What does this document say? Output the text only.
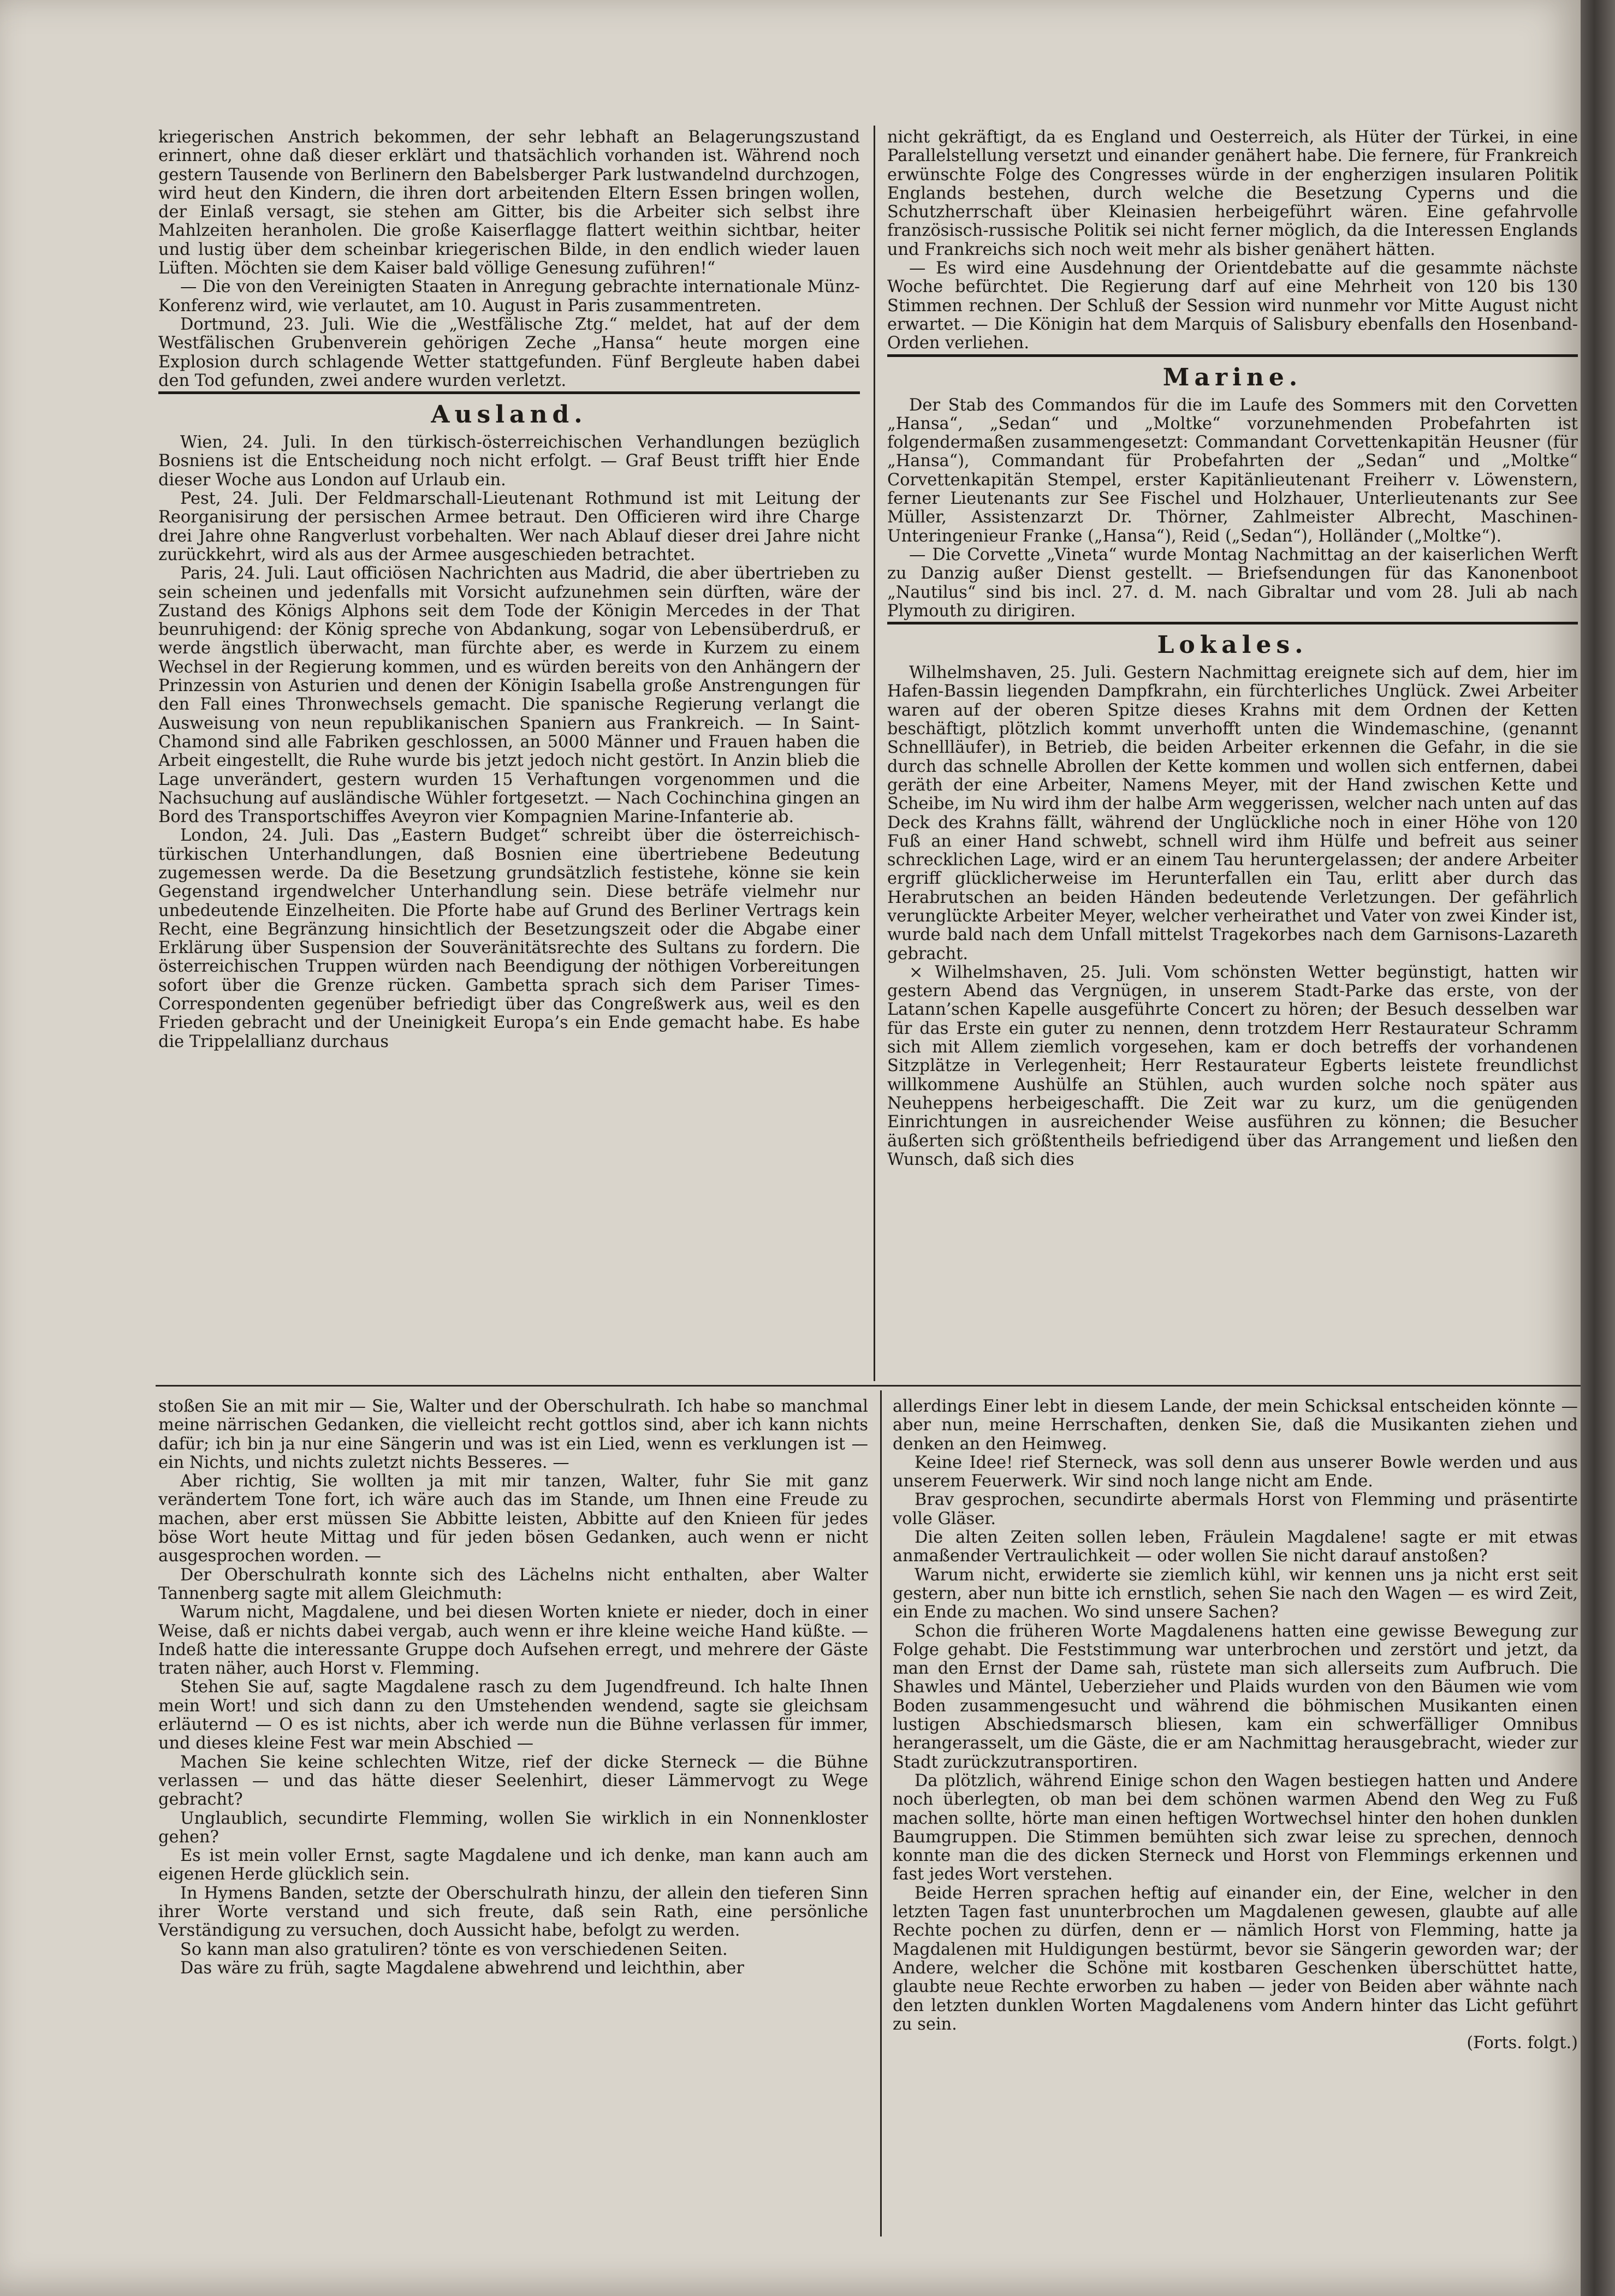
kriegerischen Anstrich bekommen, der sehr lebhaft an Belagerungszustand erinnert, ohne daß dieser erklärt und thatsächlich vorhanden ist. Während noch gestern Tausende von Berlinern den Babelsberger Park lustwandelnd durchzogen, wird heut den Kindern, die ihren dort arbeitenden Eltern Essen bringen wollen, der Einlaß versagt, sie stehen am Gitter, bis die Arbeiter sich selbst ihre Mahlzeiten heranholen. Die große Kaiserflagge flattert weithin sichtbar, heiter und lustig über dem scheinbar kriegerischen Bilde, in den endlich wieder lauen Lüften. Möchten sie dem Kaiser bald völlige Genesung zuführen!“

— Die von den Vereinigten Staaten in Anregung gebrachte internationale Münz-Konferenz wird, wie verlautet, am 10. August in Paris zusammentreten.

Dortmund, 23. Juli. Wie die „Westfälische Ztg.“ meldet, hat auf der dem Westfälischen Grubenverein gehörigen Zeche „Hansa“ heute morgen eine Explosion durch schlagende Wetter stattgefunden. Fünf Bergleute haben dabei den Tod gefunden, zwei andere wurden verletzt.

Ausland.

Wien, 24. Juli. In den türkisch-österreichischen Verhandlungen bezüglich Bosniens ist die Entscheidung noch nicht erfolgt. — Graf Beust trifft hier Ende dieser Woche aus London auf Urlaub ein.

Pest, 24. Juli. Der Feldmarschall-Lieutenant Rothmund ist mit Leitung der Reorganisirung der persischen Armee betraut. Den Officieren wird ihre Charge drei Jahre ohne Rangverlust vorbehalten. Wer nach Ablauf dieser drei Jahre nicht zurückkehrt, wird als aus der Armee ausgeschieden betrachtet.

Paris, 24. Juli. Laut officiösen Nachrichten aus Madrid, die aber übertrieben zu sein scheinen und jedenfalls mit Vorsicht aufzunehmen sein dürften, wäre der Zustand des Königs Alphons seit dem Tode der Königin Mercedes in der That beunruhigend: der König spreche von Abdankung, sogar von Lebensüberdruß, er werde ängstlich überwacht, man fürchte aber, es werde in Kurzem zu einem Wechsel in der Regierung kommen, und es würden bereits von den Anhängern der Prinzessin von Asturien und denen der Königin Isabella große Anstrengungen für den Fall eines Thronwechsels gemacht. Die spanische Regierung verlangt die Ausweisung von neun republikanischen Spaniern aus Frankreich. — In Saint-Chamond sind alle Fabriken geschlossen, an 5000 Männer und Frauen haben die Arbeit eingestellt, die Ruhe wurde bis jetzt jedoch nicht gestört. In Anzin blieb die Lage unverändert, gestern wurden 15 Verhaftungen vorgenommen und die Nachsuchung auf ausländische Wühler fortgesetzt. — Nach Cochinchina gingen an Bord des Transportschiffes Aveyron vier Kompagnien Marine-Infanterie ab.

London, 24. Juli. Das „Eastern Budget“ schreibt über die österreichisch-türkischen Unterhandlungen, daß Bosnien eine übertriebene Bedeutung zugemessen werde. Da die Besetzung grundsätzlich festistehe, könne sie kein Gegenstand irgendwelcher Unterhandlung sein. Diese beträfe vielmehr nur unbedeutende Einzelheiten. Die Pforte habe auf Grund des Berliner Vertrags kein Recht, eine Begränzung hinsichtlich der Besetzungszeit oder die Abgabe einer Erklärung über Suspension der Souveränitätsrechte des Sultans zu fordern. Die österreichischen Truppen würden nach Beendigung der nöthigen Vorbereitungen sofort über die Grenze rücken. Gambetta sprach sich dem Pariser Times-Correspondenten gegenüber befriedigt über das Congreßwerk aus, weil es den Frieden gebracht und der Uneinigkeit Europa’s ein Ende gemacht habe. Es habe die Trippelallianz durchaus

nicht gekräftigt, da es England und Oesterreich, als Hüter der Türkei, in eine Parallelstellung versetzt und einander genähert habe. Die fernere, für Frankreich erwünschte Folge des Congresses würde in der engherzigen insularen Politik Englands bestehen, durch welche die Besetzung Cyperns und die Schutzherrschaft über Kleinasien herbeigeführt wären. Eine gefahrvolle französisch-russische Politik sei nicht ferner möglich, da die Interessen Englands und Frankreichs sich noch weit mehr als bisher genähert hätten.

— Es wird eine Ausdehnung der Orientdebatte auf die gesammte nächste Woche befürchtet. Die Regierung darf auf eine Mehrheit von 120 bis 130 Stimmen rechnen. Der Schluß der Session wird nunmehr vor Mitte August nicht erwartet. — Die Königin hat dem Marquis of Salisbury ebenfalls den Hosenband-Orden verliehen.

Marine.

Der Stab des Commandos für die im Laufe des Sommers mit den Corvetten „Hansa“, „Sedan“ und „Moltke“ vorzunehmenden Probefahrten ist folgendermaßen zusammengesetzt: Commandant Corvettenkapitän Heusner (für „Hansa“), Commandant für Probefahrten der „Sedan“ und „Moltke“ Corvettenkapitän Stempel, erster Kapitänlieutenant Freiherr v. Löwenstern, ferner Lieutenants zur See Fischel und Holzhauer, Unterlieutenants zur See Müller, Assistenzarzt Dr. Thörner, Zahlmeister Albrecht, Maschinen-Unteringenieur Franke („Hansa“), Reid („Sedan“), Holländer („Moltke“).

— Die Corvette „Vineta“ wurde Montag Nachmittag an der kaiserlichen Werft zu Danzig außer Dienst gestellt. — Briefsendungen für das Kanonenboot „Nautilus“ sind bis incl. 27. d. M. nach Gibraltar und vom 28. Juli ab nach Plymouth zu dirigiren.

Lokales.

Wilhelmshaven, 25. Juli. Gestern Nachmittag ereignete sich auf dem, hier im Hafen-Bassin liegenden Dampfkrahn, ein fürchterliches Unglück. Zwei Arbeiter waren auf der oberen Spitze dieses Krahns mit dem Ordnen der Ketten beschäftigt, plötzlich kommt unverhofft unten die Windemaschine, (genannt Schnellläufer), in Betrieb, die beiden Arbeiter erkennen die Gefahr, in die sie durch das schnelle Abrollen der Kette kommen und wollen sich entfernen, dabei geräth der eine Arbeiter, Namens Meyer, mit der Hand zwischen Kette und Scheibe, im Nu wird ihm der halbe Arm weggerissen, welcher nach unten auf das Deck des Krahns fällt, während der Unglückliche noch in einer Höhe von 120 Fuß an einer Hand schwebt, schnell wird ihm Hülfe und befreit aus seiner schrecklichen Lage, wird er an einem Tau heruntergelassen; der andere Arbeiter ergriff glücklicherweise im Herunterfallen ein Tau, erlitt aber durch das Herabrutschen an beiden Händen bedeutende Verletzungen. Der gefährlich verunglückte Arbeiter Meyer, welcher verheirathet und Vater von zwei Kinder ist, wurde bald nach dem Unfall mittelst Tragekorbes nach dem Garnisons-Lazareth gebracht.

× Wilhelmshaven, 25. Juli. Vom schönsten Wetter begünstigt, hatten wir gestern Abend das Vergnügen, in unserem Stadt-Parke das erste, von der Latann’schen Kapelle ausgeführte Concert zu hören; der Besuch desselben war für das Erste ein guter zu nennen, denn trotzdem Herr Restaurateur Schramm sich mit Allem ziemlich vorgesehen, kam er doch betreffs der vorhandenen Sitzplätze in Verlegenheit; Herr Restaurateur Egberts leistete freundlichst willkommene Aushülfe an Stühlen, auch wurden solche noch später aus Neuheppens herbeigeschafft. Die Zeit war zu kurz, um die genügenden Einrichtungen in ausreichender Weise ausführen zu können; die Besucher äußerten sich größtentheils befriedigend über das Arrangement und ließen den Wunsch, daß sich dies

stoßen Sie an mit mir — Sie, Walter und der Oberschulrath. Ich habe so manchmal meine närrischen Gedanken, die vielleicht recht gottlos sind, aber ich kann nichts dafür; ich bin ja nur eine Sängerin und was ist ein Lied, wenn es verklungen ist — ein Nichts, und nichts zuletzt nichts Besseres. —

Aber richtig, Sie wollten ja mit mir tanzen, Walter, fuhr Sie mit ganz verändertem Tone fort, ich wäre auch das im Stande, um Ihnen eine Freude zu machen, aber erst müssen Sie Abbitte leisten, Abbitte auf den Knieen für jedes böse Wort heute Mittag und für jeden bösen Gedanken, auch wenn er nicht ausgesprochen worden. —

Der Oberschulrath konnte sich des Lächelns nicht enthalten, aber Walter Tannenberg sagte mit allem Gleichmuth:

Warum nicht, Magdalene, und bei diesen Worten kniete er nieder, doch in einer Weise, daß er nichts dabei vergab, auch wenn er ihre kleine weiche Hand küßte. — Indeß hatte die interessante Gruppe doch Aufsehen erregt, und mehrere der Gäste traten näher, auch Horst v. Flemming.

Stehen Sie auf, sagte Magdalene rasch zu dem Jugendfreund. Ich halte Ihnen mein Wort! und sich dann zu den Umstehenden wendend, sagte sie gleichsam erläuternd — O es ist nichts, aber ich werde nun die Bühne verlassen für immer, und dieses kleine Fest war mein Abschied —

Machen Sie keine schlechten Witze, rief der dicke Sterneck — die Bühne verlassen — und das hätte dieser Seelenhirt, dieser Lämmervogt zu Wege gebracht?

Unglaublich, secundirte Flemming, wollen Sie wirklich in ein Nonnenkloster gehen?

Es ist mein voller Ernst, sagte Magdalene und ich denke, man kann auch am eigenen Herde glücklich sein.

In Hymens Banden, setzte der Oberschulrath hinzu, der allein den tieferen Sinn ihrer Worte verstand und sich freute, daß sein Rath, eine persönliche Verständigung zu versuchen, doch Aussicht habe, befolgt zu werden.

So kann man also gratuliren? tönte es von verschiedenen Seiten.

Das wäre zu früh, sagte Magdalene abwehrend und leichthin, aber

allerdings Einer lebt in diesem Lande, der mein Schicksal entscheiden könnte — aber nun, meine Herrschaften, denken Sie, daß die Musikanten ziehen und denken an den Heimweg.

Keine Idee! rief Sterneck, was soll denn aus unserer Bowle werden und aus unserem Feuerwerk. Wir sind noch lange nicht am Ende.

Brav gesprochen, secundirte abermals Horst von Flemming und präsentirte volle Gläser.

Die alten Zeiten sollen leben, Fräulein Magdalene! sagte er mit etwas anmaßender Vertraulichkeit — oder wollen Sie nicht darauf anstoßen?

Warum nicht, erwiderte sie ziemlich kühl, wir kennen uns ja nicht erst seit gestern, aber nun bitte ich ernstlich, sehen Sie nach den Wagen — es wird Zeit, ein Ende zu machen. Wo sind unsere Sachen?

Schon die früheren Worte Magdalenens hatten eine gewisse Bewegung zur Folge gehabt. Die Feststimmung war unterbrochen und zerstört und jetzt, da man den Ernst der Dame sah, rüstete man sich allerseits zum Aufbruch. Die Shawles und Mäntel, Ueberzieher und Plaids wurden von den Bäumen wie vom Boden zusammengesucht und während die böhmischen Musikanten einen lustigen Abschiedsmarsch bliesen, kam ein schwerfälliger Omnibus herangerasselt, um die Gäste, die er am Nachmittag herausgebracht, wieder zur Stadt zurückzutransportiren.

Da plötzlich, während Einige schon den Wagen bestiegen hatten und Andere noch überlegten, ob man bei dem schönen warmen Abend den Weg zu Fuß machen sollte, hörte man einen heftigen Wortwechsel hinter den hohen dunklen Baumgruppen. Die Stimmen bemühten sich zwar leise zu sprechen, dennoch konnte man die des dicken Sterneck und Horst von Flemmings erkennen und fast jedes Wort verstehen.

Beide Herren sprachen heftig auf einander ein, der Eine, welcher in den letzten Tagen fast ununterbrochen um Magdalenen gewesen, glaubte auf alle Rechte pochen zu dürfen, denn er — nämlich Horst von Flemming, hatte ja Magdalenen mit Huldigungen bestürmt, bevor sie Sängerin geworden war; der Andere, welcher die Schöne mit kostbaren Geschenken überschüttet hatte, glaubte neue Rechte erworben zu haben — jeder von Beiden aber wähnte nach den letzten dunklen Worten Magdalenens vom Andern hinter das Licht geführt zu sein.

(Forts. folgt.)
